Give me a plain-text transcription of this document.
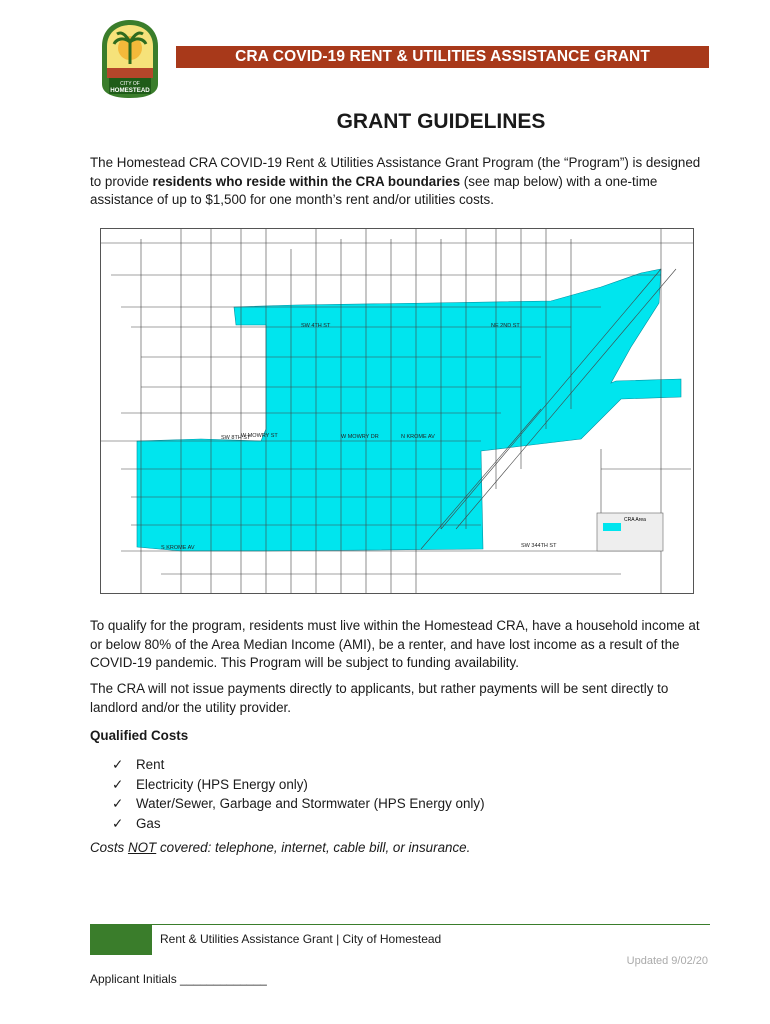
CITY OF
HOMESTEAD
CRA COVID-19 RENT & UTILITIES ASSISTANCE GRANT
GRANT GUIDELINES
The Homestead CRA COVID-19 Rent & Utilities Assistance Grant Program (the “Program”) is designed to provide residents who reside within the CRA boundaries (see map below) with a one-time assistance of up to $1,500 for one month’s rent and/or utilities costs.
SW 8TH ST
SW 4TH ST
W MOWRY ST	W MOWRY DR	N KROME AV
S KROME AV
NE 2ND ST
SW 344TH ST
CRA Area
To qualify for the program, residents must live within the Homestead CRA, have a household income at or below 80% of the Area Median Income (AMI), be a renter, and have lost income as a result of the COVID-19 pandemic. This Program will be subject to funding availability.
The CRA will not issue payments directly to applicants, but rather payments will be sent directly to landlord and/or the utility provider.
Qualified Costs
✓ Rent
✓ Electricity (HPS Energy only)
✓ Water/Sewer, Garbage and Stormwater (HPS Energy only)
✓ Gas
Costs NOT covered: telephone, internet, cable bill, or insurance.
Rent & Utilities Assistance Grant | City of Homestead
Updated 9/02/20
Applicant Initials _____________
